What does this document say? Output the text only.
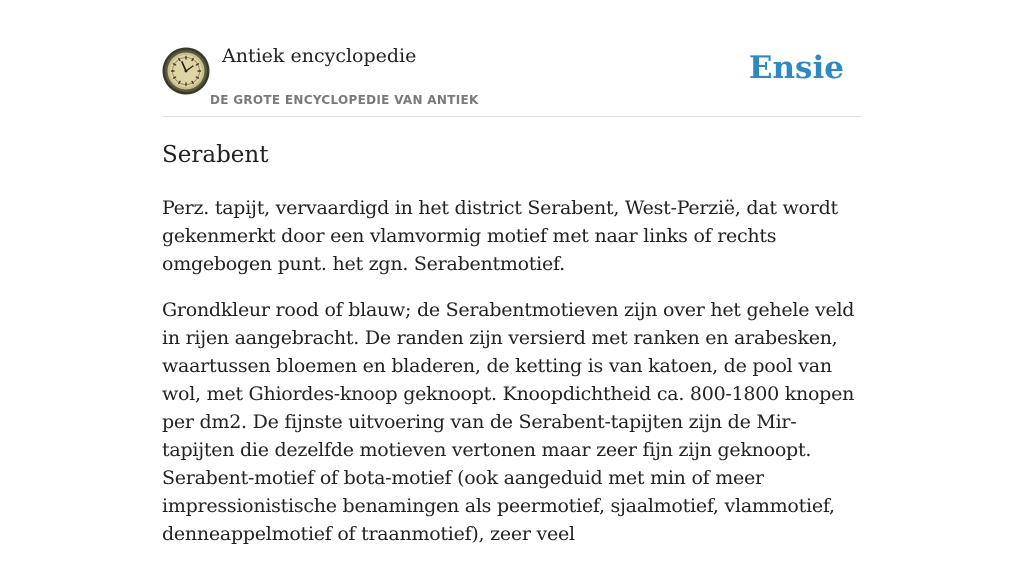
Antiek encyclopedie
DE GROTE ENCYCLOPEDIE VAN ANTIEK
Ensie
Serabent

Perz. tapijt, vervaardigd in het district Serabent, West-Perzië, dat wordt gekenmerkt door een vlamvormig motief met naar links of rechts omgebogen punt. het zgn. Serabentmotief.

Grondkleur rood of blauw; de Serabentmotieven zijn over het gehele veld in rijen aangebracht. De randen zijn versierd met ranken en arabesken, waartussen bloemen en bladeren, de ketting is van katoen, de pool van wol, met Ghiordes-knoop geknoopt. Knoopdichtheid ca. 800-1800 knopen per dm2. De fijnste uitvoering van de Serabent-tapijten zijn de Mir-tapijten die dezelfde motieven vertonen maar zeer fijn zijn geknoopt. Serabent-motief of bota-motief (ook aangeduid met min of meer impressionistische benamingen als peermotief, sjaalmotief, vlammotief, denneappelmotief of traanmotief), zeer veel
